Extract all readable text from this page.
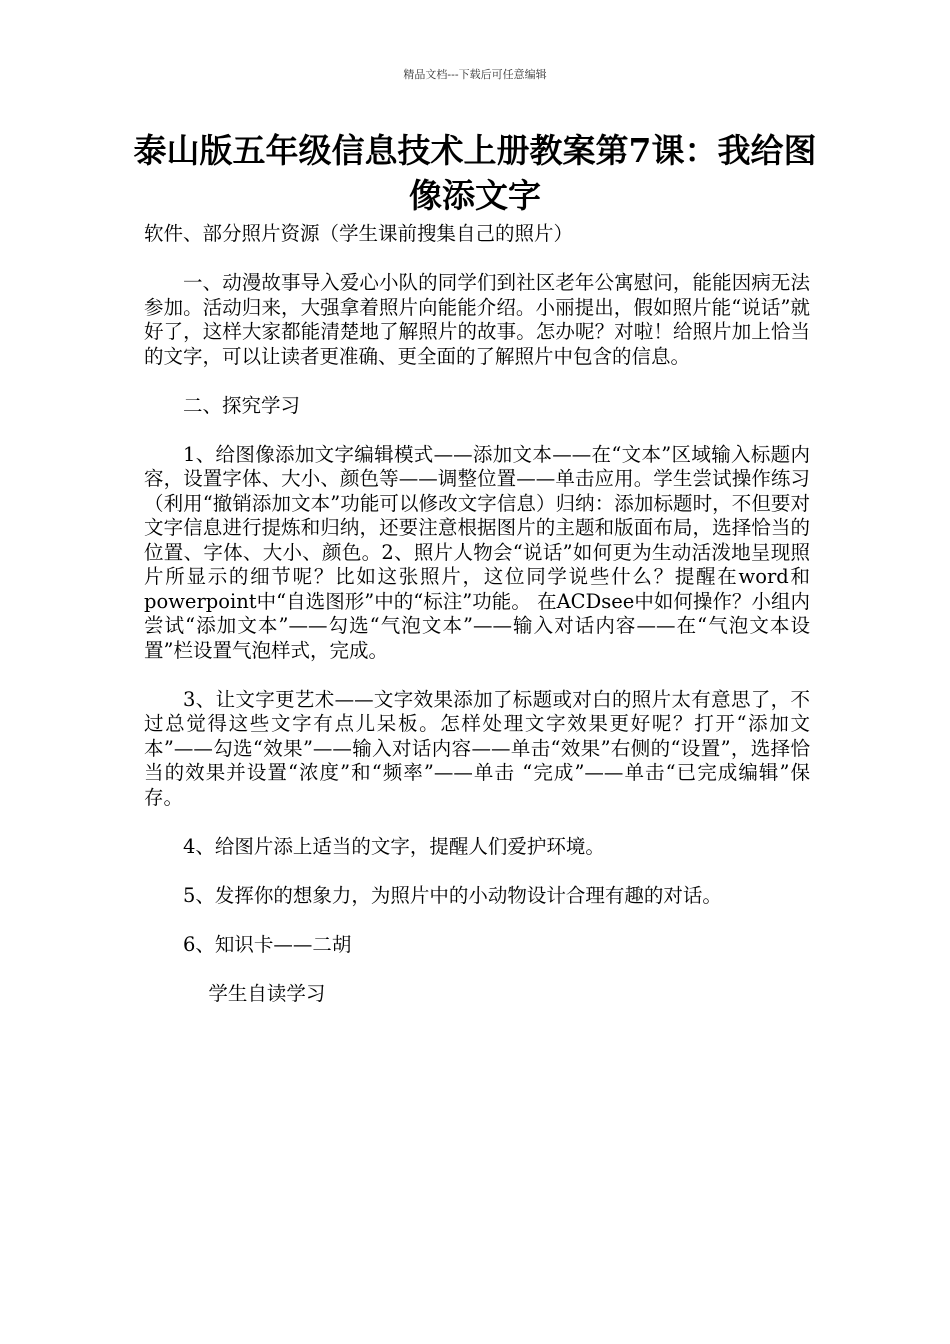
精品文档---下载后可任意编辑
泰山版五年级信息技术上册教案第7课：我给图像添文字

软件、部分照片资源（学生课前搜集自己的照片）

一、动漫故事导入爱心小队的同学们到社区老年公寓慰问，能能因病无法参加。活动归来，大强拿着照片向能能介绍。小丽提出，假如照片能“说话”就好了，这样大家都能清楚地了解照片的故事。怎办呢？对啦！给照片加上恰当的文字，可以让读者更准确、更全面的了解照片中包含的信息。

二、探究学习

1、给图像添加文字编辑模式——添加文本——在“文本”区域输入标题内容，设置字体、大小、颜色等——调整位置——单击应用。学生尝试操作练习（利用“撤销添加文本”功能可以修改文字信息）归纳：添加标题时，不但要对文字信息进行提炼和归纳，还要注意根据图片的主题和版面布局，选择恰当的位置、字体、大小、颜色。2、照片人物会“说话”如何更为生动活泼地呈现照片所显示的细节呢？比如这张照片，这位同学说些什么？提醒在word和powerpoint中“自选图形”中的“标注”功能。 在ACDsee中如何操作？小组内尝试“添加文本”——勾选“气泡文本”——输入对话内容——在“气泡文本设置”栏设置气泡样式，完成。

3、让文字更艺术——文字效果添加了标题或对白的照片太有意思了，不过总觉得这些文字有点儿呆板。怎样处理文字效果更好呢？打开“添加文本”——勾选“效果”——输入对话内容——单击“效果”右侧的“设置”，选择恰当的效果并设置“浓度”和“频率”——单击 “完成”——单击“已完成编辑”保存。

4、给图片添上适当的文字，提醒人们爱护环境。

5、发挥你的想象力，为照片中的小动物设计合理有趣的对话。

6、知识卡——二胡

学生自读学习
